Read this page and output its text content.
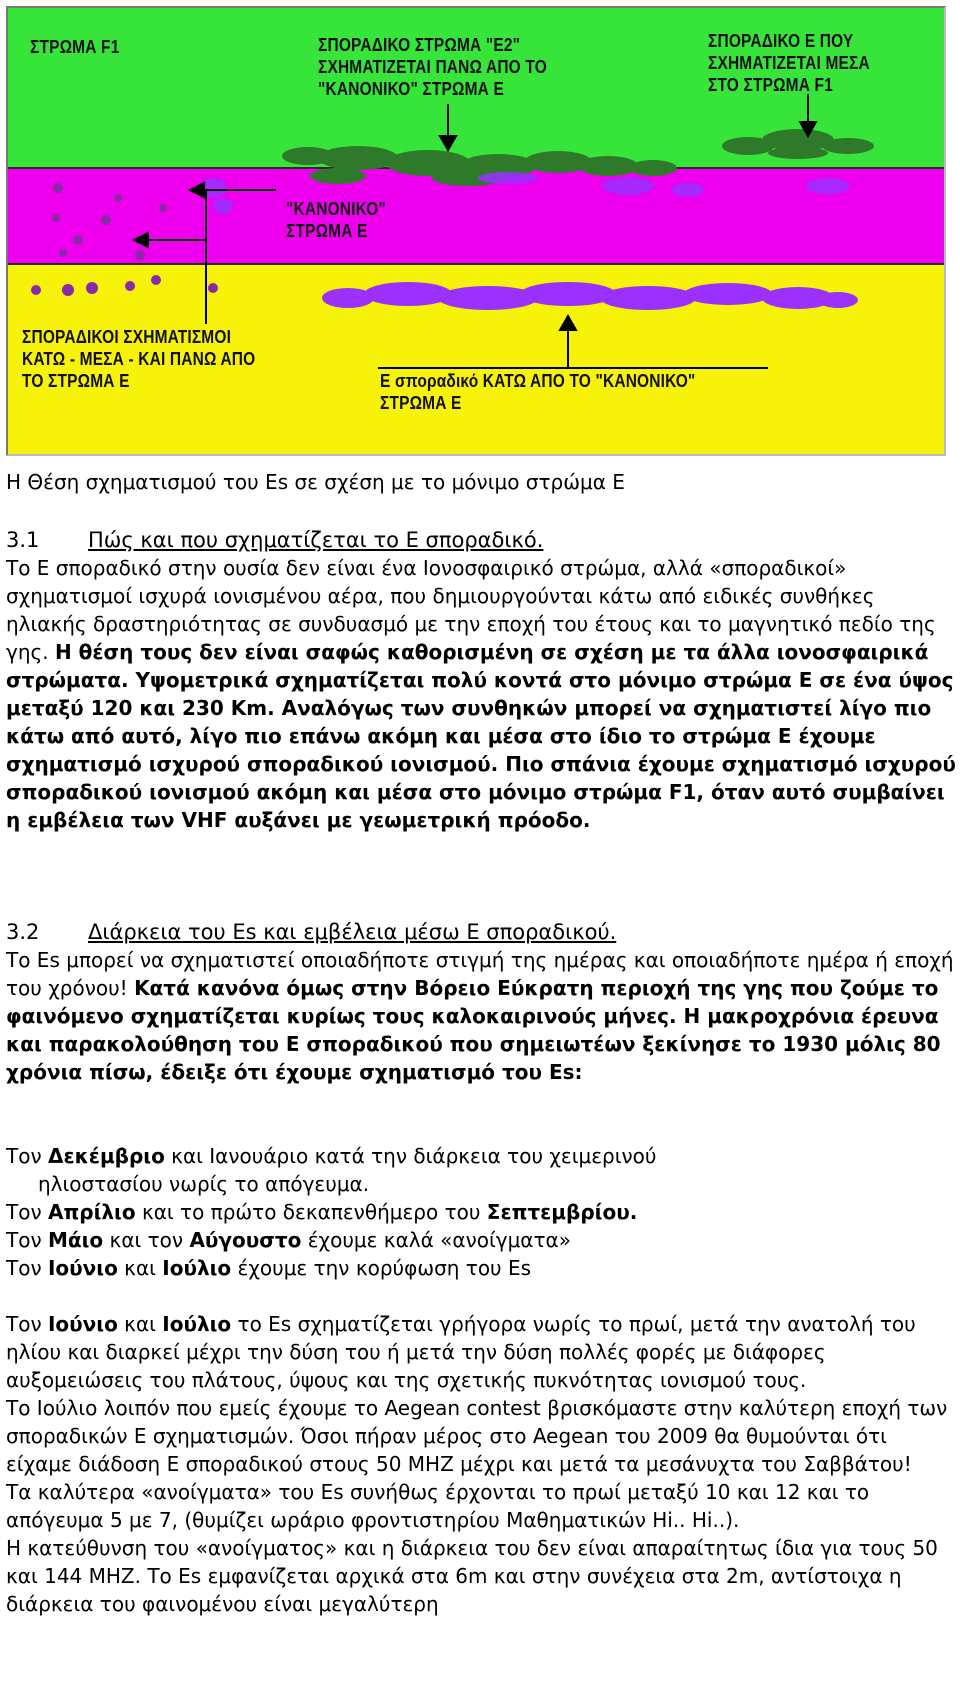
ΣΤΡΩΜΑ F1	ΣΠΟΡΑΔΙΚΟ ΣΤΡΩΜΑ "Ε2"
ΣΧΗΜΑΤΙΖΕΤΑΙ ΠΑΝΩ ΑΠΟ ΤΟ
"ΚΑΝΟΝΙΚΟ" ΣΤΡΩΜΑ Ε
ΣΠΟΡΑΔΙΚΟ Ε ΠΟΥ
ΣΧΗΜΑΤΙΖΕΤΑΙ ΜΕΣΑ
ΣΤΟ ΣΤΡΩΜΑ F1
"ΚΑΝΟΝΙΚΟ"
ΣΤΡΩΜΑ Ε
ΣΠΟΡΑΔΙΚΟΙ ΣΧΗΜΑΤΙΣΜΟΙ
ΚΑΤΩ - ΜΕΣΑ - ΚΑΙ ΠΑΝΩ ΑΠΟ
ΤΟ ΣΤΡΩΜΑ Ε	Ε σποραδικό ΚΑΤΩ ΑΠΟ ΤΟ "ΚΑΝΟΝΙΚΟ"
ΣΤΡΩΜΑ Ε
Η Θέση σχηματισμού του Es σε σχέση με το μόνιμο στρώμα Ε
3.1 Πώς και που σχηματίζεται το Ε σποραδικό.

Το Ε σποραδικό στην ουσία δεν είναι ένα Ιονοσφαιρικό στρώμα, αλλά «σποραδικοί» σχηματισμοί ισχυρά ιονισμένου αέρα, που δημιουργούνται κάτω από ειδικές συνθήκες ηλιακής δραστηριότητας σε συνδυασμό με την εποχή του έτους και το μαγνητικό πεδίο της γης. Η θέση τους δεν είναι σαφώς καθορισμένη σε σχέση με τα άλλα ιονοσφαιρικά στρώματα. Υψομετρικά σχηματίζεται πολύ κοντά στο μόνιμο στρώμα Ε σε ένα ύψος μεταξύ 120 και 230 Km. Αναλόγως των συνθηκών μπορεί να σχηματιστεί λίγο πιο κάτω από αυτό, λίγο πιο επάνω ακόμη και μέσα στο ίδιο το στρώμα Ε έχουμε σχηματισμό ισχυρού σποραδικού ιονισμού. Πιο σπάνια έχουμε σχηματισμό ισχυρού σποραδικού ιονισμού ακόμη και μέσα στο μόνιμο στρώμα F1, όταν αυτό συμβαίνει η εμβέλεια των VHF αυξάνει με γεωμετρική πρόοδο.

3.2 Διάρκεια του Es και εμβέλεια μέσω Ε σποραδικού.

Το Es μπορεί να σχηματιστεί οποιαδήποτε στιγμή της ημέρας και οποιαδήποτε ημέρα ή εποχή του χρόνου! Κατά κανόνα όμως στην Βόρειο Εύκρατη περιοχή της γης που ζούμε το φαινόμενο σχηματίζεται κυρίως τους καλοκαιρινούς μήνες. Η μακροχρόνια έρευνα και παρακολούθηση του Ε σποραδικού που σημειωτέων ξεκίνησε το 1930 μόλις 80 χρόνια πίσω, έδειξε ότι έχουμε σχηματισμό του Es:

Τον Δεκέμβριο και Ιανουάριο κατά την διάρκεια του χειμερινού

ηλιοστασίου νωρίς το απόγευμα.

Τον Απρίλιο και το πρώτο δεκαπενθήμερο του Σεπτεμβρίου.

Τον Μάιο και τον Αύγουστο έχουμε καλά «ανοίγματα»

Τον Ιούνιο και Ιούλιο έχουμε την κορύφωση του Es

Τον Ιούνιο και Ιούλιο το Es σχηματίζεται γρήγορα νωρίς το πρωί, μετά την ανατολή του ηλίου και διαρκεί μέχρι την δύση του ή μετά την δύση πολλές φορές με διάφορες αυξομειώσεις του πλάτους, ύψους και της σχετικής πυκνότητας ιονισμού τους.

Το Ιούλιο λοιπόν που εμείς έχουμε το Aegean contest βρισκόμαστε στην καλύτερη εποχή των σποραδικών Ε σχηματισμών. Όσοι πήραν μέρος στο Aegean του 2009 θα θυμούνται ότι είχαμε διάδοση Ε σποραδικού στους 50 MHZ μέχρι και μετά τα μεσάνυχτα του Σαββάτου!

Τα καλύτερα «ανοίγματα» του Es συνήθως έρχονται το πρωί μεταξύ 10 και 12 και το απόγευμα 5 με 7, (θυμίζει ωράριο φροντιστηρίου Μαθηματικών Hi.. Hi..).

Η κατεύθυνση του «ανοίγματος» και η διάρκεια του δεν είναι απαραίτητως ίδια για τους 50 και 144 MHZ. Το Es εμφανίζεται αρχικά στα 6m και στην συνέχεια στα 2m, αντίστοιχα η διάρκεια του φαινομένου είναι μεγαλύτερη
